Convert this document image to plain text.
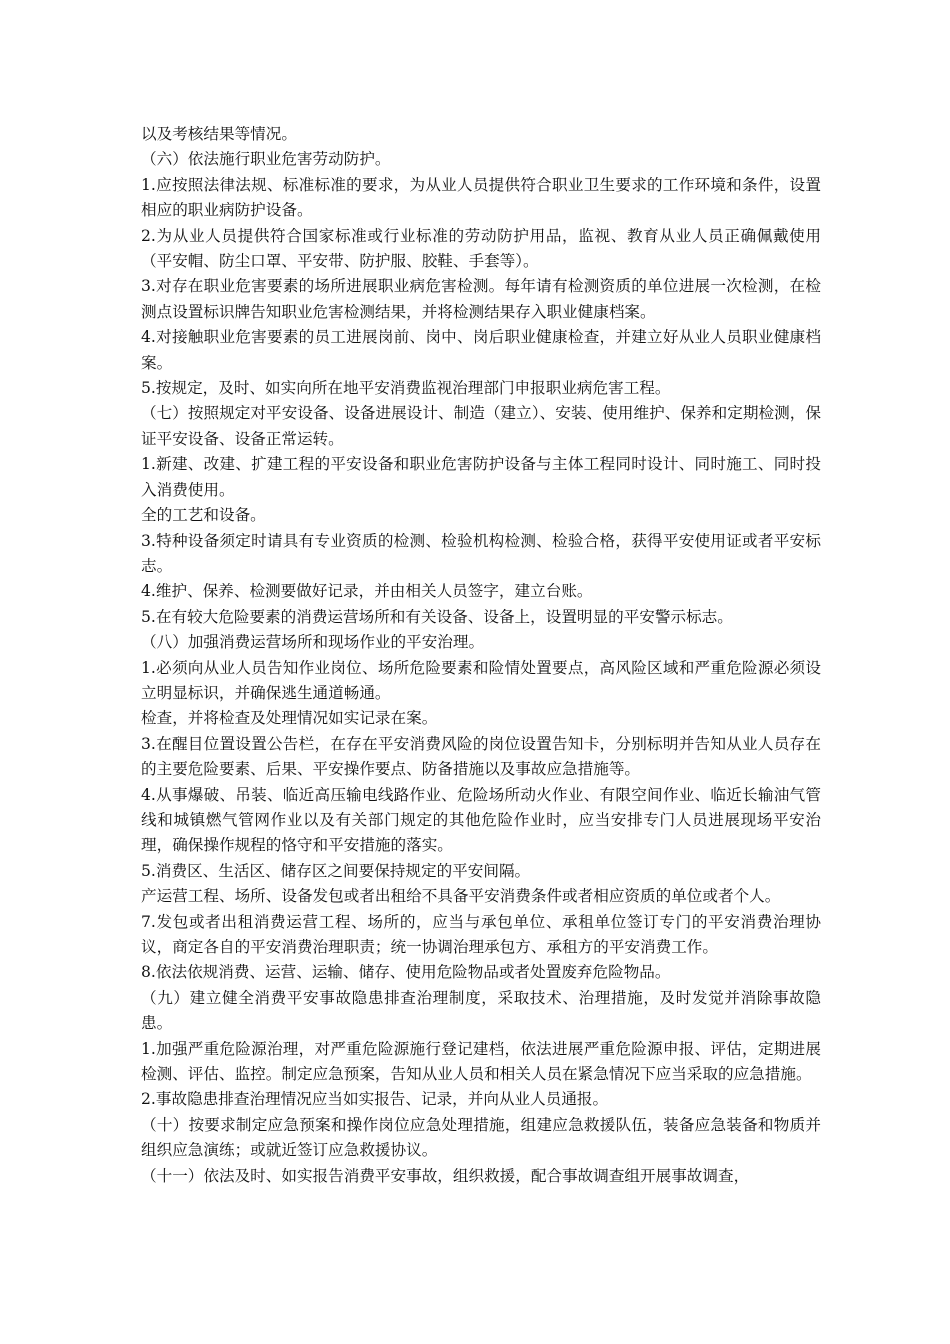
以及考核结果等情况。

（六）依法施行职业危害劳动防护。

1.应按照法律法规、标准标准的要求，为从业人员提供符合职业卫生要求的工作环境和条件，设置相应的职业病防护设备。

2.为从业人员提供符合国家标准或行业标准的劳动防护用品，监视、教育从业人员正确佩戴使用（平安帽、防尘口罩、平安带、防护服、胶鞋、手套等）。

3.对存在职业危害要素的场所进展职业病危害检测。每年请有检测资质的单位进展一次检测，在检测点设置标识牌告知职业危害检测结果，并将检测结果存入职业健康档案。

4.对接触职业危害要素的员工进展岗前、岗中、岗后职业健康检查，并建立好从业人员职业健康档案。

5.按规定，及时、如实向所在地平安消费监视治理部门申报职业病危害工程。

（七）按照规定对平安设备、设备进展设计、制造（建立）、安装、使用维护、保养和定期检测，保证平安设备、设备正常运转。

1.新建、改建、扩建工程的平安设备和职业危害防护设备与主体工程同时设计、同时施工、同时投入消费使用。

全的工艺和设备。

3.特种设备须定时请具有专业资质的检测、检验机构检测、检验合格，获得平安使用证或者平安标志。

4.维护、保养、检测要做好记录，并由相关人员签字，建立台账。

5.在有较大危险要素的消费运营场所和有关设备、设备上，设置明显的平安警示标志。

（八）加强消费运营场所和现场作业的平安治理。

1.必须向从业人员告知作业岗位、场所危险要素和险情处置要点，高风险区域和严重危险源必须设立明显标识，并确保逃生通道畅通。

检查，并将检查及处理情况如实记录在案。

3.在醒目位置设置公告栏，在存在平安消费风险的岗位设置告知卡，分别标明并告知从业人员存在的主要危险要素、后果、平安操作要点、防备措施以及事故应急措施等。

4.从事爆破、吊装、临近高压输电线路作业、危险场所动火作业、有限空间作业、临近长输油气管线和城镇燃气管网作业以及有关部门规定的其他危险作业时，应当安排专门人员进展现场平安治理，确保操作规程的恪守和平安措施的落实。

5.消费区、生活区、储存区之间要保持规定的平安间隔。

产运营工程、场所、设备发包或者出租给不具备平安消费条件或者相应资质的单位或者个人。

7.发包或者出租消费运营工程、场所的，应当与承包单位、承租单位签订专门的平安消费治理协议，商定各自的平安消费治理职责；统一协调治理承包方、承租方的平安消费工作。

8.依法依规消费、运营、运输、储存、使用危险物品或者处置废弃危险物品。

（九）建立健全消费平安事故隐患排查治理制度，采取技术、治理措施，及时发觉并消除事故隐患。

1.加强严重危险源治理，对严重危险源施行登记建档，依法进展严重危险源申报、评估，定期进展检测、评估、监控。制定应急预案，告知从业人员和相关人员在紧急情况下应当采取的应急措施。

2.事故隐患排查治理情况应当如实报告、记录，并向从业人员通报。

（十）按要求制定应急预案和操作岗位应急处理措施，组建应急救援队伍，装备应急装备和物质并组织应急演练；或就近签订应急救援协议。

（十一）依法及时、如实报告消费平安事故，组织救援，配合事故调查组开展事故调查，
